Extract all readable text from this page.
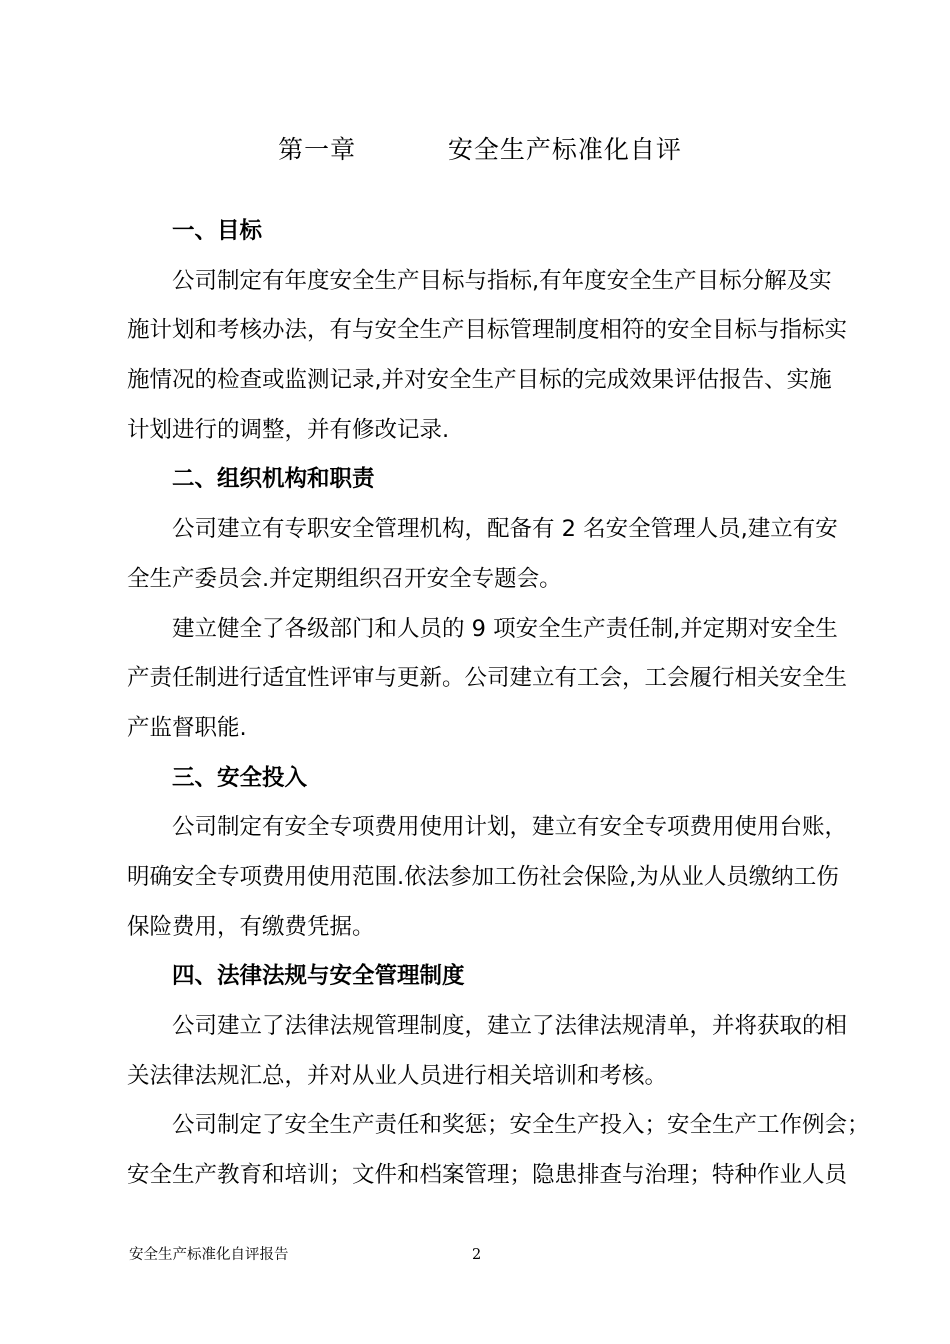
第一章    安全生产标准化自评
一、目标
公司制定有年度安全生产目标与指标,有年度安全生产目标分解及实
施计划和考核办法，有与安全生产目标管理制度相符的安全目标与指标实
施情况的检查或监测记录,并对安全生产目标的完成效果评估报告、实施
计划进行的调整，并有修改记录.
二、组织机构和职责
公司建立有专职安全管理机构，配备有 2 名安全管理人员,建立有安
全生产委员会.并定期组织召开安全专题会。
建立健全了各级部门和人员的 9 项安全生产责任制,并定期对安全生
产责任制进行适宜性评审与更新。公司建立有工会，工会履行相关安全生
产监督职能.
三、安全投入
公司制定有安全专项费用使用计划，建立有安全专项费用使用台账，
明确安全专项费用使用范围.依法参加工伤社会保险,为从业人员缴纳工伤
保险费用，有缴费凭据。
四、法律法规与安全管理制度
公司建立了法律法规管理制度，建立了法律法规清单，并将获取的相
关法律法规汇总，并对从业人员进行相关培训和考核。
公司制定了安全生产责任和奖惩；安全生产投入；安全生产工作例会；
安全生产教育和培训；文件和档案管理；隐患排查与治理；特种作业人员
安全生产标准化自评报告	2
